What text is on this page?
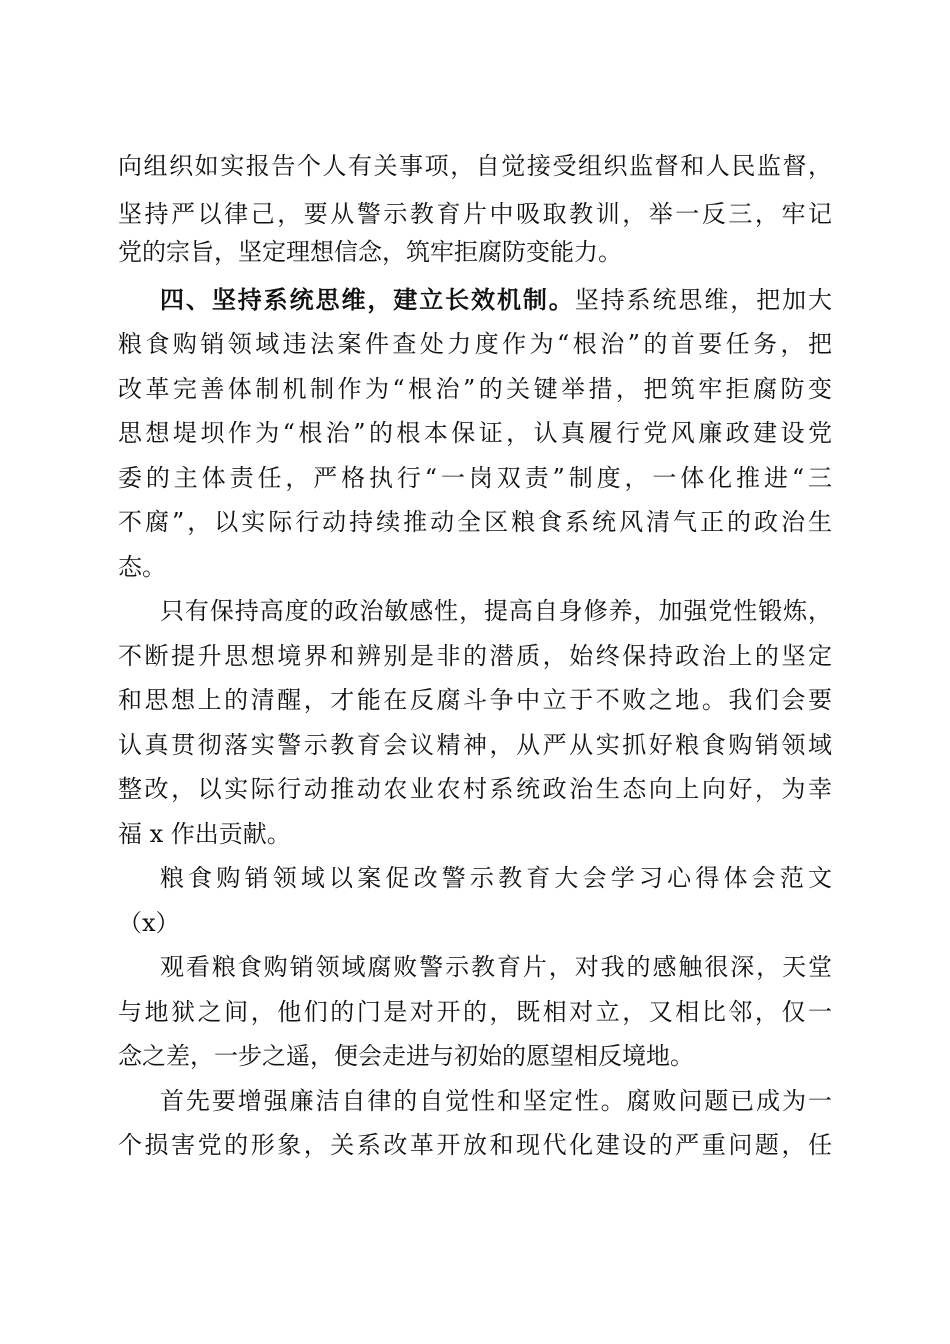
向组织如实报告个人有关事项，自觉接受组织监督和人民监督，
坚持严以律己，要从警示教育片中吸取教训，举一反三，牢记
党的宗旨，坚定理想信念，筑牢拒腐防变能力。
四、坚持系统思维，建立长效机制。坚持系统思维，把加大
粮食购销领域违法案件查处力度作为“根治”的首要任务，把
改革完善体制机制作为“根治”的关键举措，把筑牢拒腐防变
思想堤坝作为“根治”的根本保证，认真履行党风廉政建设党
委的主体责任，严格执行“一岗双责”制度，一体化推进“三
不腐”，以实际行动持续推动全区粮食系统风清气正的政治生
态。
只有保持高度的政治敏感性，提高自身修养，加强党性锻炼，
不断提升思想境界和辨别是非的潜质，始终保持政治上的坚定
和思想上的清醒，才能在反腐斗争中立于不败之地。我们会要
认真贯彻落实警示教育会议精神，从严从实抓好粮食购销领域
整改，以实际行动推动农业农村系统政治生态向上向好，为幸
福 x 作出贡献。
粮食购销领域以案促改警示教育大会学习心得体会范文
（x）
观看粮食购销领域腐败警示教育片，对我的感触很深，天堂
与地狱之间，他们的门是对开的，既相对立，又相比邻，仅一
念之差，一步之遥，便会走进与初始的愿望相反境地。
首先要增强廉洁自律的自觉性和坚定性。腐败问题已成为一
个损害党的形象，关系改革开放和现代化建设的严重问题，任
